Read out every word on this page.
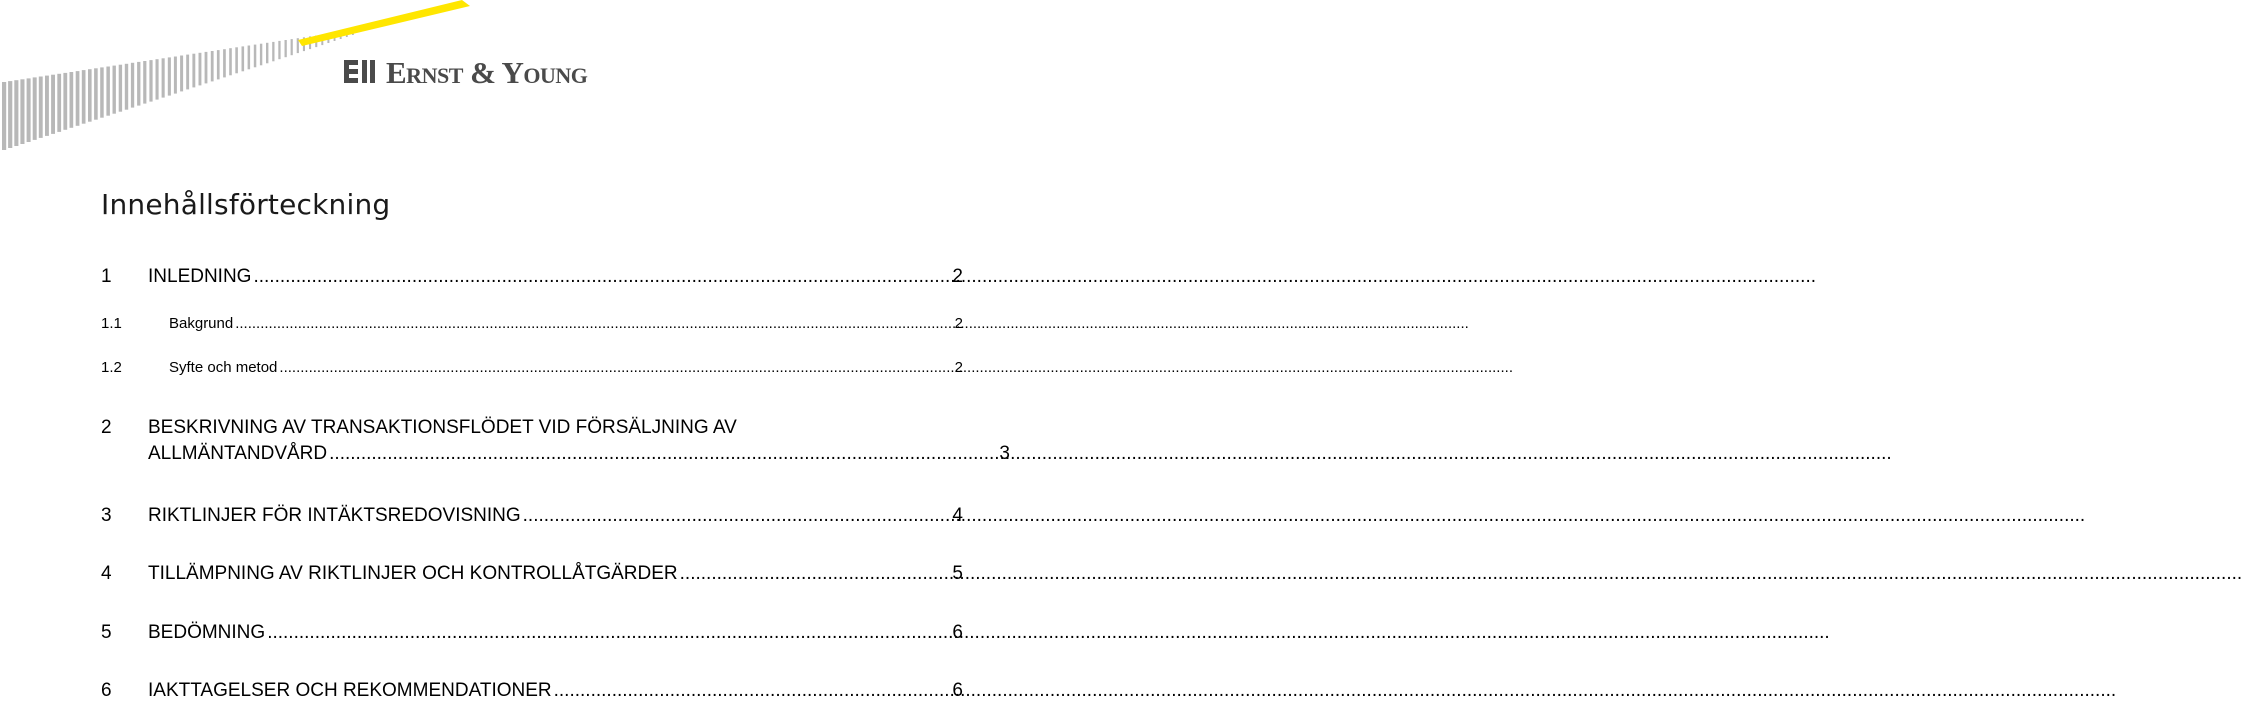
Ernst & Young
Innehållsförteckning
1	INLEDNING .....	2
1.1	Bakgrund .....	2
1.2	Syfte och metod .....	2
2	BESKRIVNING AV TRANSAKTIONSFLÖDET VID FÖRSÄLJNING AV
ALLMÄNTANDVÅRD .....	3
3	RIKTLINJER FÖR INTÄKTSREDOVISNING .....	4
4	TILLÄMPNING AV RIKTLINJER OCH KONTROLLÅTGÄRDER .....	5
5	BEDÖMNING .....	6
6	IAKTTAGELSER OCH REKOMMENDATIONER .....	6
